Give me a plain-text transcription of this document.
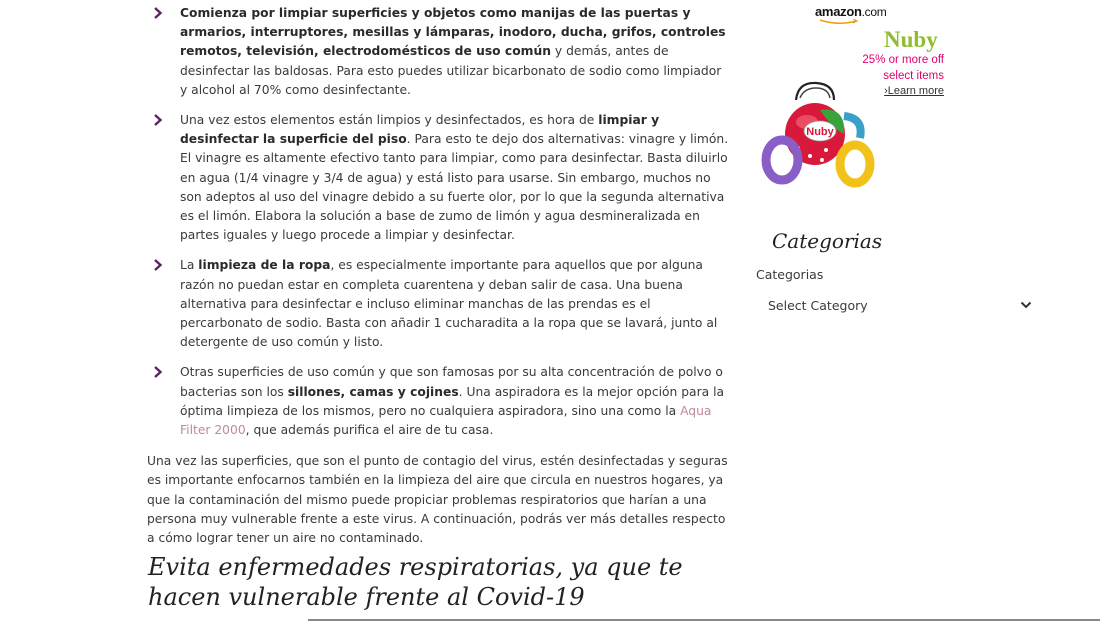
Comienza por limpiar superficies y objetos como manijas de las puertas y armarios, interruptores, mesillas y lámparas, inodoro, ducha, grifos, controles remotos, televisión, electrodomésticos de uso común y demás, antes de desinfectar las baldosas. Para esto puedes utilizar bicarbonato de sodio como limpiador y alcohol al 70% como desinfectante.
Una vez estos elementos están limpios y desinfectados, es hora de limpiar y desinfectar la superficie del piso. Para esto te dejo dos alternativas: vinagre y limón. El vinagre es altamente efectivo tanto para limpiar, como para desinfectar. Basta diluirlo en agua (1/4 vinagre y 3/4 de agua) y está listo para usarse. Sin embargo, muchos no son adeptos al uso del vinagre debido a su fuerte olor, por lo que la segunda alternativa es el limón. Elabora la solución a base de zumo de limón y agua desmineralizada en partes iguales y luego procede a limpiar y desinfectar.
La limpieza de la ropa, es especialmente importante para aquellos que por alguna razón no puedan estar en completa cuarentena y deban salir de casa. Una buena alternativa para desinfectar e incluso eliminar manchas de las prendas es el percarbonato de sodio. Basta con añadir 1 cucharadita a la ropa que se lavará, junto al detergente de uso común y listo.
Otras superficies de uso común y que son famosas por su alta concentración de polvo o bacterias son los sillones, camas y cojines. Una aspiradora es la mejor opción para la óptima limpieza de los mismos, pero no cualquiera aspiradora, sino una como la Aqua Filter 2000, que además purifica el aire de tu casa.

Una vez las superficies, que son el punto de contagio del virus, estén desinfectadas y seguras es importante enfocarnos también en la limpieza del aire que circula en nuestros hogares, ya que la contaminación del mismo puede propiciar problemas respiratorios que harían a una persona muy vulnerable frente a este virus. A continuación, podrás ver más detalles respecto a cómo lograr tener un aire no contaminado.

Evita enfermedades respiratorias, ya que te hacen vulnerable frente al Covid-19
amazon.com
Nuby
25% or more off
select items
›Learn more
Nuby
Categorias
Categorias
Select Category
